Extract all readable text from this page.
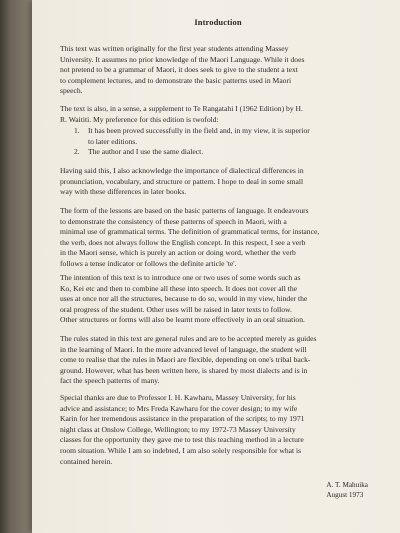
Introduction
This text was written originally for the first year students attending Massey
University. It assumes no prior knowledge of the Maori Language. While it does
not pretend to be a grammar of Maori, it does seek to give to the student a text
to complement lectures, and to demonstrate the basic patterns used in Maori
speech.
The text is also, in a sense, a supplement to Te Rangatahi I (1962 Edition) by H.
R. Waititi. My preference for this edition is twofold:
1.	It has been proved successfully in the field and, in my view, it is superior
to later editions.
2.	The author and I use the same dialect.
Having said this, I also acknowledge the importance of dialectical differences in
pronunciation, vocabulary, and structure or pattern. I hope to deal in some small
way with these differences in later books.
The form of the lessons are based on the basic patterns of language. It endeavours
to demonstrate the consistency of these patterns of speech in Maori, with a
minimal use of grammatical terms. The definition of grammatical terms, for instance,
the verb, does not always follow the English concept. In this respect, I see a verb
in the Maori sense, which is purely an action or doing word, whether the verb
follows a tense indicator or follows the definite article 'te'.
The intention of this text is to introduce one or two uses of some words such as
Ko, Kei etc and then to combine all these into speech. It does not cover all the
uses at once nor all the structures, because to do so, would in my view, hinder the
oral progress of the student. Other uses will be raised in later texts to follow.
Other structures or forms will also be learnt more effectively in an oral situation.
The rules stated in this text are general rules and are to be accepted merely as guides
in the learning of Maori. In the more advanced level of language, the student will
come to realise that the rules in Maori are flexible, depending on one's tribal back-
ground. However, what has been written here, is shared by most dialects and is in
fact the speech patterns of many.
Special thanks are due to Professor I. H. Kawharu, Massey University, for his
advice and assistance; to Mrs Freda Kawharu for the cover design; to my wife
Karin for her tremendous assistance in the preparation of the scripts; to my 1971
night class at Onslow College, Wellington; to my 1972-73 Massey University
classes for the opportunity they gave me to test this teaching method in a lecture
room situation. While I am so indebted, I am also solely responsible for what is
contained herein.
A. T. Mahuika
August 1973
